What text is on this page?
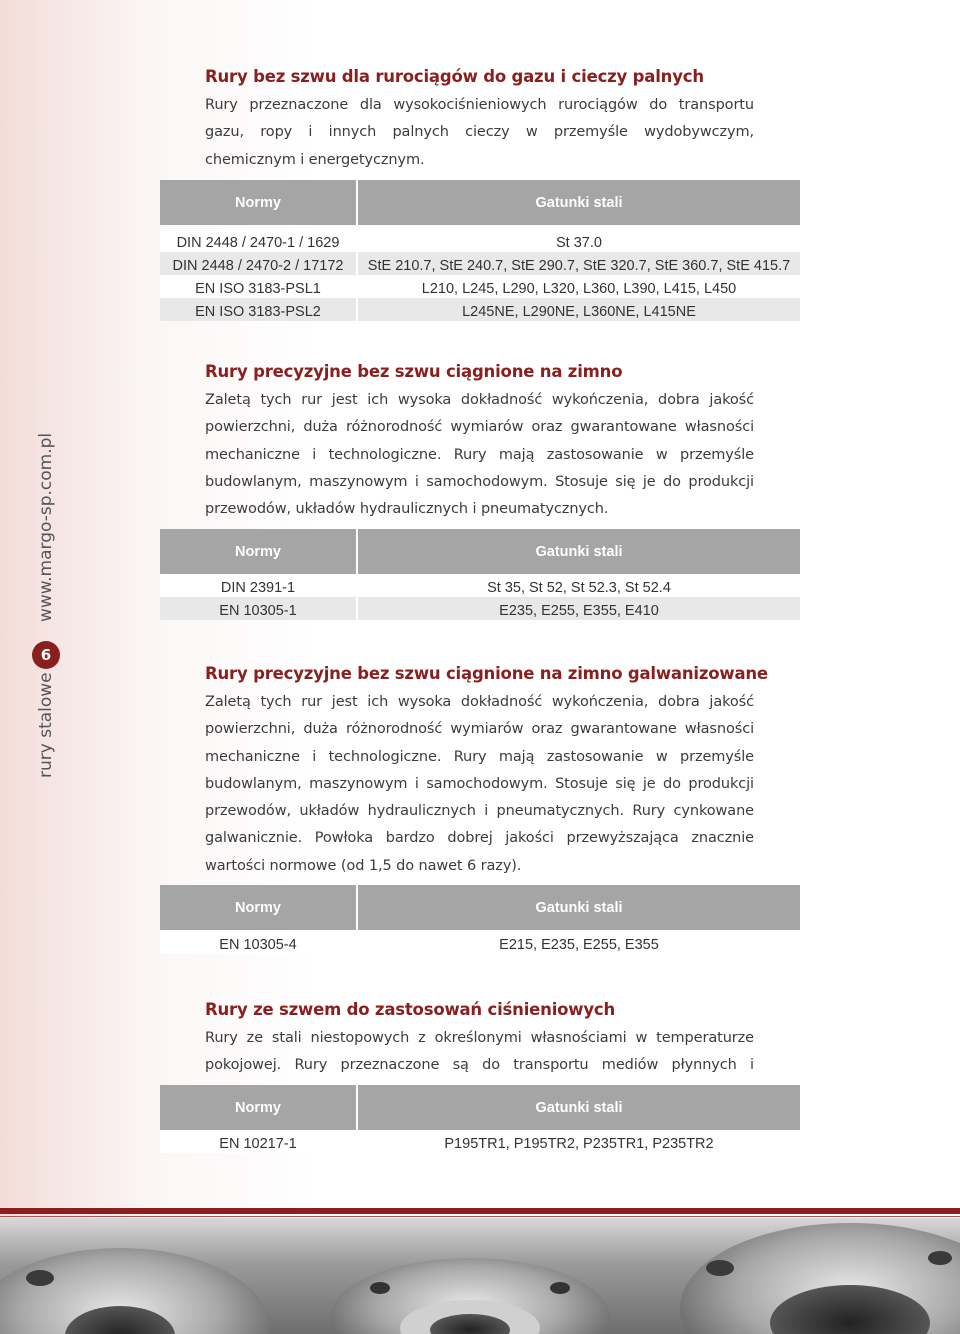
www.margo-sp.com.pl
6
rury stalowe
Rury bez szwu dla rurociągów do gazu i cieczy palnych

Rury przeznaczone dla wysokociśnieniowych rurociągów do transportu gazu, ropy i innych palnych cieczy w przemyśle wydobywczym, chemicznym i energetycznym.

Normy	Gatunki stali
DIN 2448 / 2470-1 / 1629	St 37.0
DIN 2448 / 2470-2 / 17172	StE 210.7, StE 240.7, StE 290.7, StE 320.7, StE 360.7, StE 415.7
EN ISO 3183-PSL1	L210, L245, L290, L320, L360, L390, L415, L450
EN ISO 3183-PSL2	L245NE, L290NE, L360NE, L415NE
Rury precyzyjne bez szwu ciągnione na zimno

Zaletą tych rur jest ich wysoka dokładność wykończenia, dobra jakość powierzchni, duża różnorodność wymiarów oraz gwarantowane własności mechaniczne i technologiczne. Rury mają zastosowanie w przemyśle budowlanym, maszynowym i samochodowym. Stosuje się je do produkcji przewodów, układów hydraulicznych i pneumatycznych.

Normy	Gatunki stali
DIN 2391-1	St 35, St 52, St 52.3, St 52.4
EN 10305-1	E235, E255, E355, E410
Rury precyzyjne bez szwu ciągnione na zimno galwanizowane

Zaletą tych rur jest ich wysoka dokładność wykończenia, dobra jakość powierzchni, duża różnorodność wymiarów oraz gwarantowane własności mechaniczne i technologiczne. Rury mają zastosowanie w przemyśle budowlanym, maszynowym i samochodowym. Stosuje się je do produkcji przewodów, układów hydraulicznych i pneumatycznych. Rury cynkowane galwanicznie. Powłoka bardzo dobrej jakości przewyższająca znacznie wartości normowe (od 1,5 do nawet 6 razy).

Normy	Gatunki stali
EN 10305-4	E215, E235, E255, E355
Rury ze szwem do zastosowań ciśnieniowych

Rury ze stali niestopowych z określonymi własnościami w temperaturze pokojowej. Rury przeznaczone są do transportu mediów płynnych i

Normy	Gatunki stali
EN 10217-1	P195TR1, P195TR2, P235TR1, P235TR2
